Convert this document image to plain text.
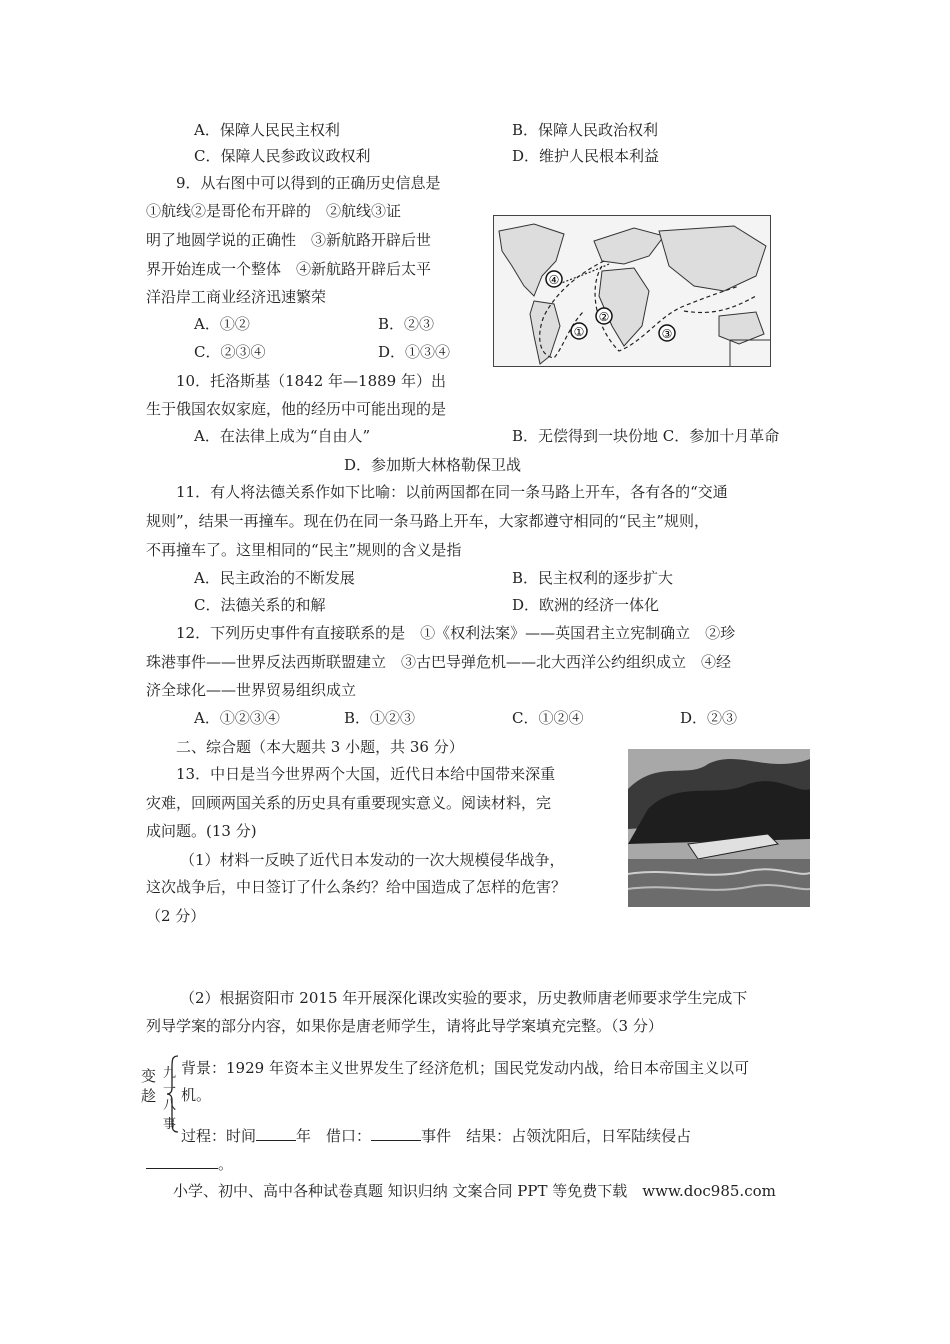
A．保障人民民主权利	B．保障人民政治权利
C．保障人民参政议政权利	D．维护人民根本利益
9．从右图中可以得到的正确历史信息是
①航线②是哥伦布开辟的　②航线③证
明了地圆学说的正确性　③新航路开辟后世
界开始连成一个整体　④新航路开辟后太平
洋沿岸工商业经济迅速繁荣
A．①②	B．②③
C．②③④	D．①③④
④
②
①	③
10．托洛斯基（1842 年—1889 年）出
生于俄国农奴家庭，他的经历中可能出现的是
A．在法律上成为“自由人”	B．无偿得到一块份地 C．参加十月革命
D．参加斯大林格勒保卫战
11．有人将法德关系作如下比喻：以前两国都在同一条马路上开车，各有各的“交通
规则”，结果一再撞车。现在仍在同一条马路上开车，大家都遵守相同的“民主”规则，
不再撞车了。这里相同的“民主”规则的含义是指
A．民主政治的不断发展	B．民主权利的逐步扩大
C．法德关系的和解	D．欧洲的经济一体化
12．下列历史事件有直接联系的是　①《权利法案》——英国君主立宪制确立　②珍
珠港事件——世界反法西斯联盟建立　③古巴导弹危机——北大西洋公约组织成立　④经
济全球化——世界贸易组织成立
A．①②③④	B．①②③	C．①②④	D．②③
二、综合题（本大题共 3 小题，共 36 分）
13．中日是当今世界两个大国，近代日本给中国带来深重
灾难，回顾两国关系的历史具有重要现实意义。阅读材料，完
成问题。(13 分)
（1）材料一反映了近代日本发动的一次大规模侵华战争，
这次战争后，中日签订了什么条约？给中国造成了怎样的危害？
（2 分）
（2）根据资阳市 2015 年开展深化课改实验的要求，历史教师唐老师要求学生完成下
列导学案的部分内容，如果你是唐老师学生，请将此导学案填充完整。（3 分）
变
趁
九
一
八
事
背景：1929 年资本主义世界发生了经济危机；国民党发动内战，给日本帝国主义以可
机。
过程：时间	年　 借口：	事件　 结果：占领沈阳后，日军陆续侵占
。
小学、初中、高中各种试卷真题 知识归纳 文案合同 PPT 等免费下载　www.doc985.com
